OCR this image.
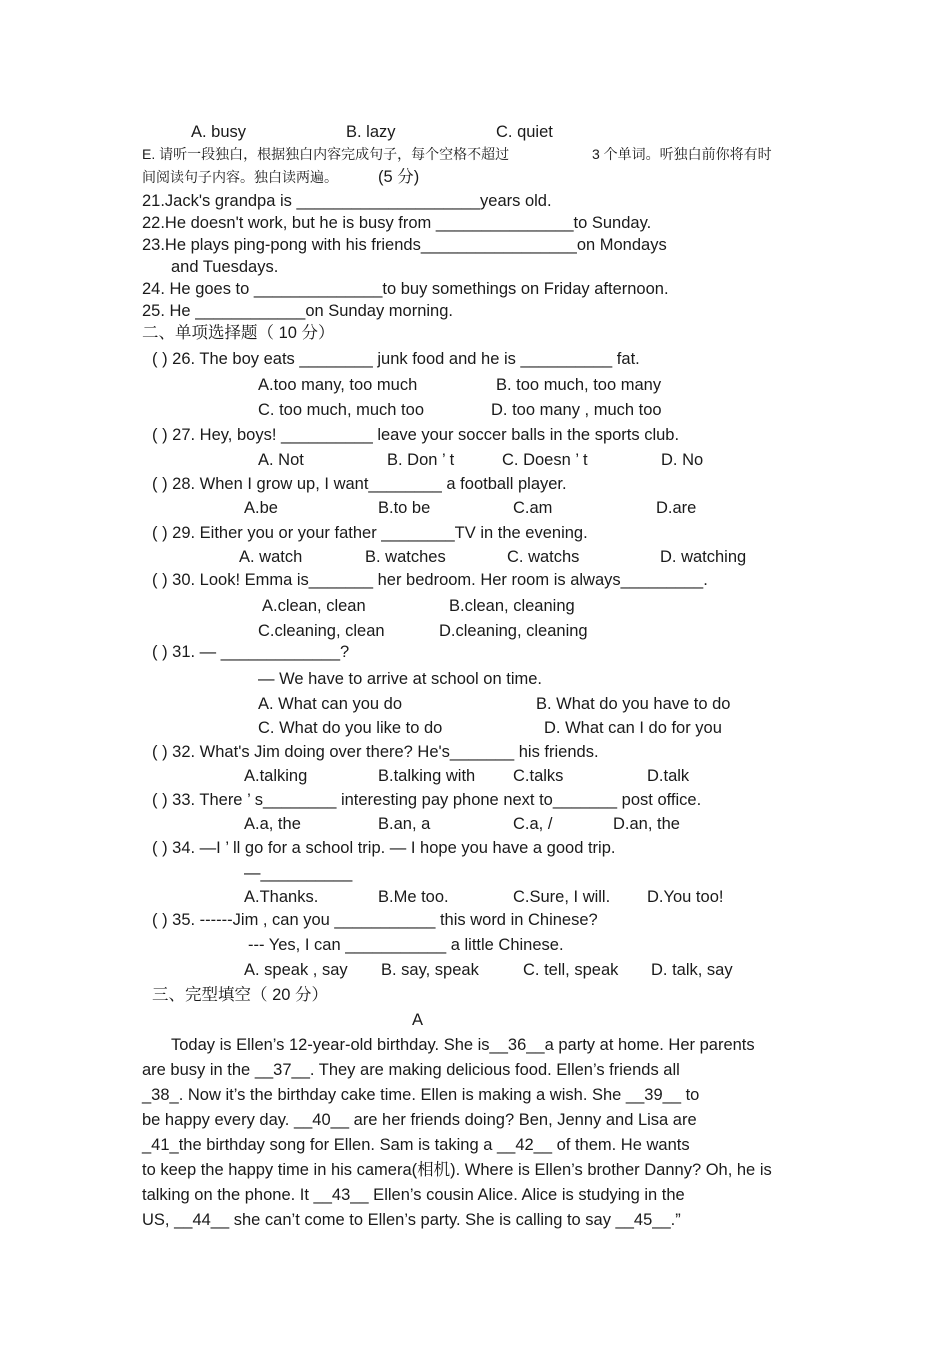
A. busy	B. lazy	C. quiet
E. 请听一段独白，根据独白内容完成句子，每个空格不超过	3 个单词。听独白前你将有时
间阅读句子内容。独白读两遍。 (5 分)
21.Jack's grandpa is ____________________years old.
22.He doesn't work, but he is busy from _______________to Sunday.
23.He plays ping-pong with his friends_________________on Mondays
and Tuesdays.
24. He goes to ______________to buy somethings on Friday afternoon.
25. He ____________on Sunday morning.
二、单项选择题（ 10 分）
( ) 26. The boy eats ________ junk food and he is __________ fat.
A.too many, too much	B. too much, too many
C. too much, much too	D. too many , much too
( ) 27. Hey, boys! __________ leave your soccer balls in the sports club.
A. Not	B. Don ’ t	C. Doesn ’ t	D. No
( ) 28. When I grow up, I want________ a football player.
A.be	B.to be	C.am	D.are
( ) 29. Either you or your father ________TV in the evening.
A. watch	B. watches	C. watchs	D. watching
( ) 30. Look! Emma is_______ her bedroom. Her room is always_________.
A.clean, clean	B.clean, cleaning
C.cleaning, clean	D.cleaning, cleaning
( ) 31. — _____________?
— We have to arrive at school on time.
A. What can you do	B. What do you have to do
C. What do you like to do	D. What can I do for you
( ) 32. What's Jim doing over there? He's_______ his friends.
A.talking	B.talking with C.talks	D.talk
( ) 33. There ’ s________ interesting pay phone next to_______ post office.
A.a, the	B.an, a	C.a, /	D.an, the
( ) 34. —I ’ ll go for a school trip. — I hope you have a good trip.
—__________
A.Thanks.	B.Me too.	C.Sure, I will. D.You too!
( ) 35. ------Jim , can you ___________ this word in Chinese?
--- Yes, I can ___________ a little Chinese.
A. speak , say B. say, speak	C. tell, speak D. talk, say
三、完型填空（ 20 分）
A
Today is Ellen’s 12-year-old birthday. She is__36__a party at home. Her parents
are busy in the __37__. They are making delicious food. Ellen’s friends all
_38_. Now it’s the birthday cake time. Ellen is making a wish. She __39__ to
be happy every day. __40__ are her friends doing? Ben, Jenny and Lisa are
_41_the birthday song for Ellen. Sam is taking a __42__ of them. He wants
to keep the happy time in his camera(相机). Where is Ellen’s brother Danny? Oh, he is
talking on the phone. It __43__ Ellen’s cousin Alice. Alice is studying in the
US, __44__ she can’t come to Ellen’s party. She is calling to say __45__.”
